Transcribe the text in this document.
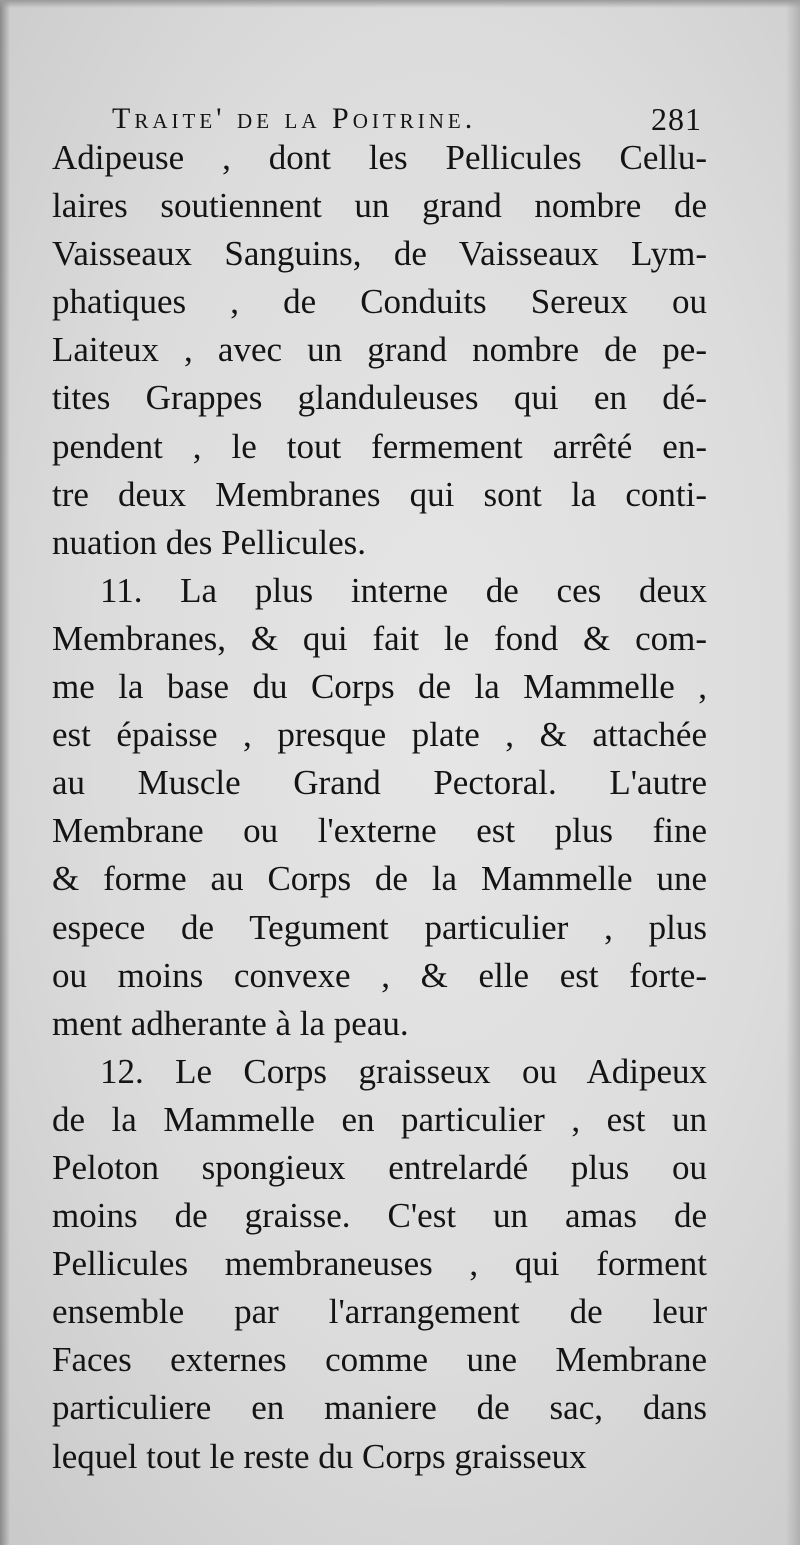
Traite' de la Poitrine.	281
Adipeuse , dont les Pellicules Cellu-
laires soutiennent un grand nombre de
Vaisseaux Sanguins, de Vaisseaux Lym-
phatiques , de Conduits Sereux ou
Laiteux , avec un grand nombre de pe-
tites Grappes glanduleuses qui en dé-
pendent , le tout fermement arrêté en-
tre deux Membranes qui sont la conti-
nuation des Pellicules.
11. La plus interne de ces deux
Membranes, & qui fait le fond & com-
me la base du Corps de la Mammelle ,
est épaisse , presque plate , & attachée
au Muscle Grand Pectoral. L'autre
Membrane ou l'externe est plus fine
& forme au Corps de la Mammelle une
espece de Tegument particulier , plus
ou moins convexe , & elle est forte-
ment adherante à la peau.
12. Le Corps graisseux ou Adipeux
de la Mammelle en particulier , est un
Peloton spongieux entrelardé plus ou
moins de graisse. C'est un amas de
Pellicules membraneuses , qui forment
ensemble par l'arrangement de leur
Faces externes comme une Membrane
particuliere en maniere de sac, dans
lequel tout le reste du Corps graisseux
